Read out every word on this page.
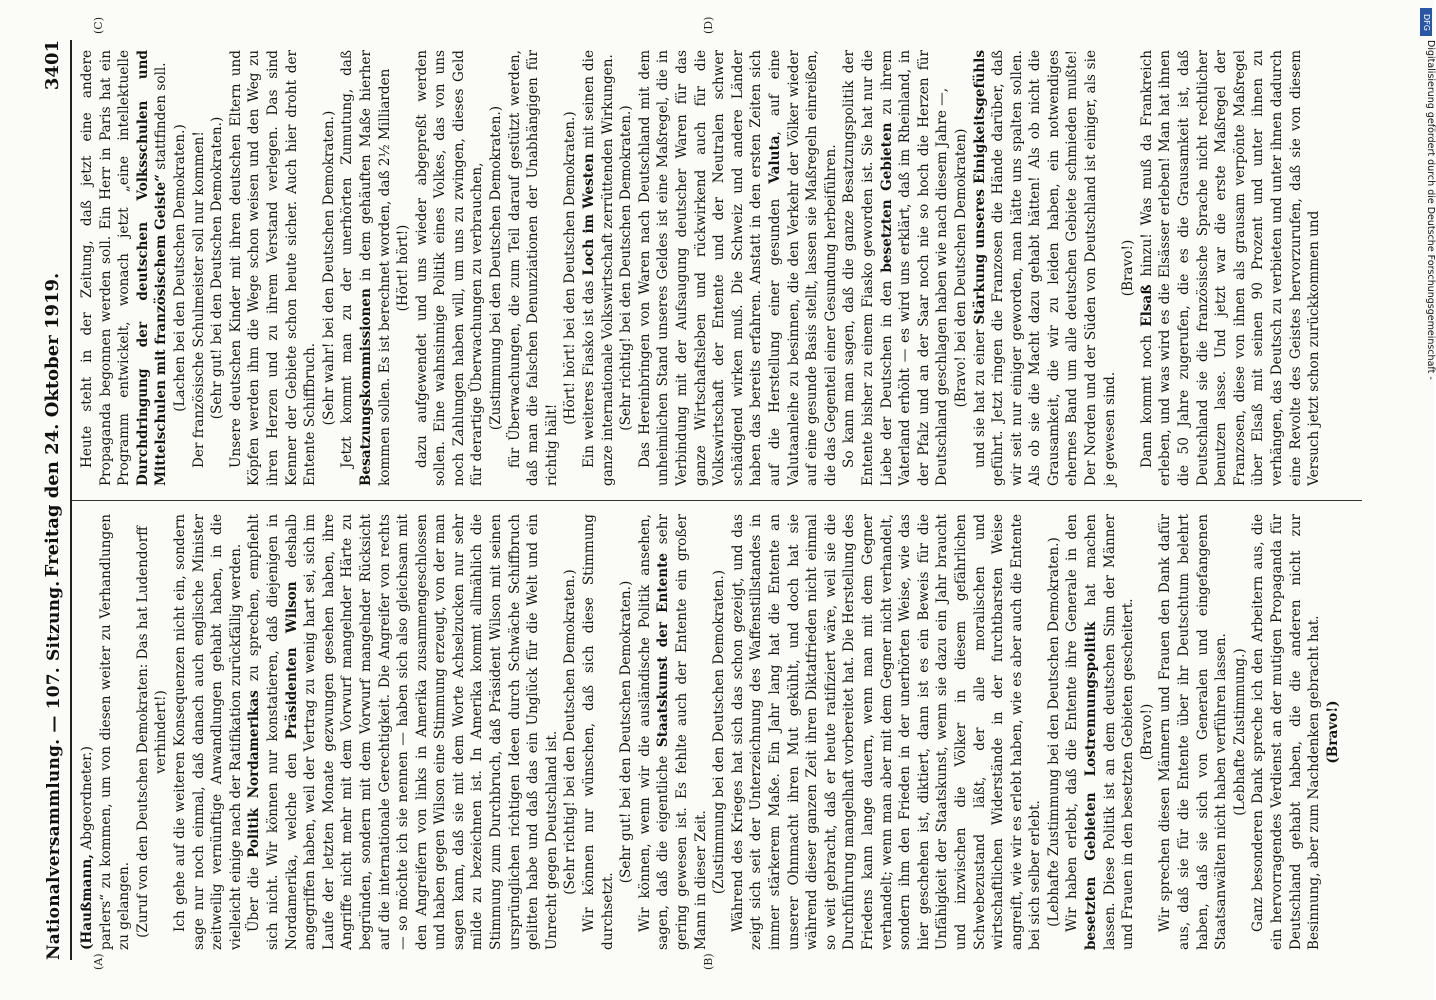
Nationalversammlung. — 107. Sitzung.
Freitag den 24. Oktober 1919.  3401
(A)	(B)
(C)	(D)

(Haußmann, Abgeordneter.) parlers“ zu kommen, um von diesen weiter zu Verhandlungen zu gelangen. (Zuruf von den Deutschen Demokraten: Das hat Ludendorff verhindert!) Ich gehe auf die weiteren Konsequenzen nicht ein, sondern sage nur noch einmal, daß danach auch englische Minister zeitweilig vernünftige Anwandlungen gehabt haben, in die vielleicht einige nach der Ratifikation zurückfällig werden. Über die Politik Nordamerikas zu sprechen, empfiehlt sich nicht. Wir können nur konstatieren, daß diejenigen in Nordamerika, welche den Präsidenten Wilson deshalb angegriffen haben, weil der Vertrag zu wenig hart sei, sich im Laufe der letzten Monate gezwungen gesehen haben, ihre Angriffe nicht mehr mit dem Vorwurf mangelnder Härte zu begründen, sondern mit dem Vorwurf mangelnder Rücksicht auf die internationale Gerechtigkeit. Die Angreifer von rechts — so möchte ich sie nennen — haben sich also gleichsam mit den Angreifern von links in Amerika zusammengeschlossen und haben gegen Wilson eine Stimmung erzeugt, von der man sagen kann, daß sie mit dem Worte Achselzucken nur sehr milde zu bezeichnen ist. In Amerika kommt allmählich die Stimmung zum Durchbruch, daß Präsident Wilson mit seinen ursprünglichen richtigen Ideen durch Schwäche Schiffbruch gelitten habe und daß das ein Unglück für die Welt und ein Unrecht gegen Deutschland ist. (Sehr richtig! bei den Deutschen Demokraten.) Wir können nur wünschen, daß sich diese Stimmung durchsetzt.

(Sehr gut! bei den Deutschen Demokraten.) Wir können, wenn wir die ausländische Politik ansehen, sagen, daß die eigentliche Staatskunst der Entente sehr gering gewesen ist. Es fehlte auch der Entente ein großer Mann in dieser Zeit. (Zustimmung bei den Deutschen Demokraten.) Während des Krieges hat sich das schon gezeigt, und das zeigt sich seit der Unterzeichnung des Waffenstillstandes in immer stärkerem Maße. Ein Jahr lang hat die Entente an unserer Ohnmacht ihren Mut gekühlt, und doch hat sie während dieser ganzen Zeit ihren Diktatfrieden nicht einmal so weit gebracht, daß er heute ratifiziert wäre, weil sie die Durchführung mangelhaft vorbereitet hat. Die Herstellung des Friedens kann lange dauern, wenn man mit dem Gegner verhandelt; wenn man aber mit dem Gegner nicht verhandelt, sondern ihm den Frieden in der unerhörten Weise, wie das hier geschehen ist, diktiert, dann ist es ein Beweis für die Unfähigkeit der Staatskunst, wenn sie dazu ein Jahr braucht und inzwischen die Völker in diesem gefährlichen Schwebezustand läßt, der alle moralischen und wirtschaftlichen Widerstände in der furchtbarsten Weise angreift, wie wir es erlebt haben, wie es aber auch die Entente bei sich selber erlebt. (Lebhafte Zustimmung bei den Deutschen Demokraten.) Wir haben erlebt, daß die Entente ihre Generale in den besetzten Gebieten Lostrennungspolitik hat machen lassen. Diese Politik ist an dem deutschen Sinn der Männer und Frauen in den besetzten Gebieten gescheitert. (Bravo!) Wir sprechen diesen Männern und Frauen den Dank dafür aus, daß sie für die Entente über ihr Deutschtum belehrt haben, daß sie sich von Generalen und eingefangenen Staatsanwälten nicht haben verführen lassen. (Lebhafte Zustimmung.) Ganz besonderen Dank spreche ich den Arbeitern aus, die ein hervorragendes Verdienst an der mutigen Propaganda für Deutschland gehabt haben, die die anderen nicht zur Besinnung, aber zum Nachdenken gebracht hat. (Bravo!)

Heute steht in der Zeitung, daß jetzt eine andere Propaganda begonnen werden soll. Ein Herr in Paris hat ein Programm entwickelt, wonach jetzt „eine intellektuelle Durchdringung der deutschen Volksschulen und Mittelschulen mit französischem Geiste“ stattfinden soll.

(Lachen bei den Deutschen Demokraten.) Der französische Schulmeister soll nur kommen! (Sehr gut! bei den Deutschen Demokraten.) Unsere deutschen Kinder mit ihren deutschen Eltern und Köpfen werden ihm die Wege schon weisen und den Weg zu ihren Herzen und zu ihrem Verstand verlegen. Das sind Kenner der Gebiete schon heute sicher. Auch hier droht der Entente Schiffbruch. (Sehr wahr! bei den Deutschen Demokraten.) Jetzt kommt man zu der unerhörten Zumutung, daß Besatzungskommissionen in dem gehäuften Maße hierher kommen sollen. Es ist berechnet worden, daß 2½ Milliarden (Hört! hört!) dazu aufgewendet und uns wieder abgepreßt werden sollen. Eine wahnsinnige Politik eines Volkes, das von uns noch Zahlungen haben will, um uns zu zwingen, dieses Geld für derartige Überwachungen zu verbrauchen, (Zustimmung bei den Deutschen Demokraten.) für Überwachungen, die zum Teil darauf gestützt werden, daß man die falschen Denunziationen der Unabhängigen für richtig hält!

(Hört! hört! bei den Deutschen Demokraten.) Ein weiteres Fiasko ist das Loch im Westen mit seinen die ganze internationale Volkswirtschaft zerrüttenden Wirkungen. (Sehr richtig! bei den Deutschen Demokraten.) Das Hereinbringen von Waren nach Deutschland mit dem unheimlichen Stand unseres Geldes ist eine Maßregel, die in Verbindung mit der Aufsaugung deutscher Waren für das ganze Wirtschaftsleben und rückwirkend auch für die Volkswirtschaft der Entente und der Neutralen schwer schädigend wirken muß. Die Schweiz und andere Länder haben das bereits erfahren. Anstatt in den ersten Zeiten sich auf die Herstellung einer gesunden Valuta, auf eine Valutaanleihe zu besinnen, die den Verkehr der Völker wieder auf eine gesunde Basis stellt, lassen sie Maßregeln einreißen, die das Gegenteil einer Gesundung herbeiführen. So kann man sagen, daß die ganze Besatzungspolitik der Entente bisher zu einem Fiasko geworden ist. Sie hat nur die Liebe der Deutschen in den besetzten Gebieten zu ihrem Vaterland erhöht — es wird uns erklärt, daß im Rheinland, in der Pfalz und an der Saar noch nie so hoch die Herzen für Deutschland geschlagen haben wie nach diesem Jahre —, (Bravo! bei den Deutschen Demokraten) und sie hat zu einer Stärkung unseres Einigkeitsgefühls geführt. Jetzt ringen die Franzosen die Hände darüber, daß wir seit nur einiger geworden, man hätte uns spalten sollen. Als ob sie die Macht dazu gehabt hätten! Als ob nicht die Grausamkeit, die wir zu leiden haben, ein notwendiges ehernes Band um alle deutschen Gebiete schmieden mußte! Der Norden und der Süden von Deutschland ist einiger, als sie je gewesen sind.

(Bravo!)

Dann kommt noch Elsaß hinzu! Was muß da Frankreich erleben, und was wird es die Elsässer erleben! Man hat ihnen die 50 Jahre zugerufen, die es die Grausamkeit ist, daß Deutschland sie die französische Sprache nicht rechtlicher benutzen lasse. Und jetzt war die erste Maßregel der Franzosen, diese von ihnen als grausam verpönte Maßregel über Elsaß mit seinen 90 Prozent und unter ihnen zu verhängen, das Deutsch zu verbieten und unter ihnen dadurch eine Revolte des Geistes hervorzurufen, daß sie von diesem Versuch jetzt schon zurückkommen und

DFG
Digitalisierung gefördert durch die Deutsche Forschungsgemeinschaft -
